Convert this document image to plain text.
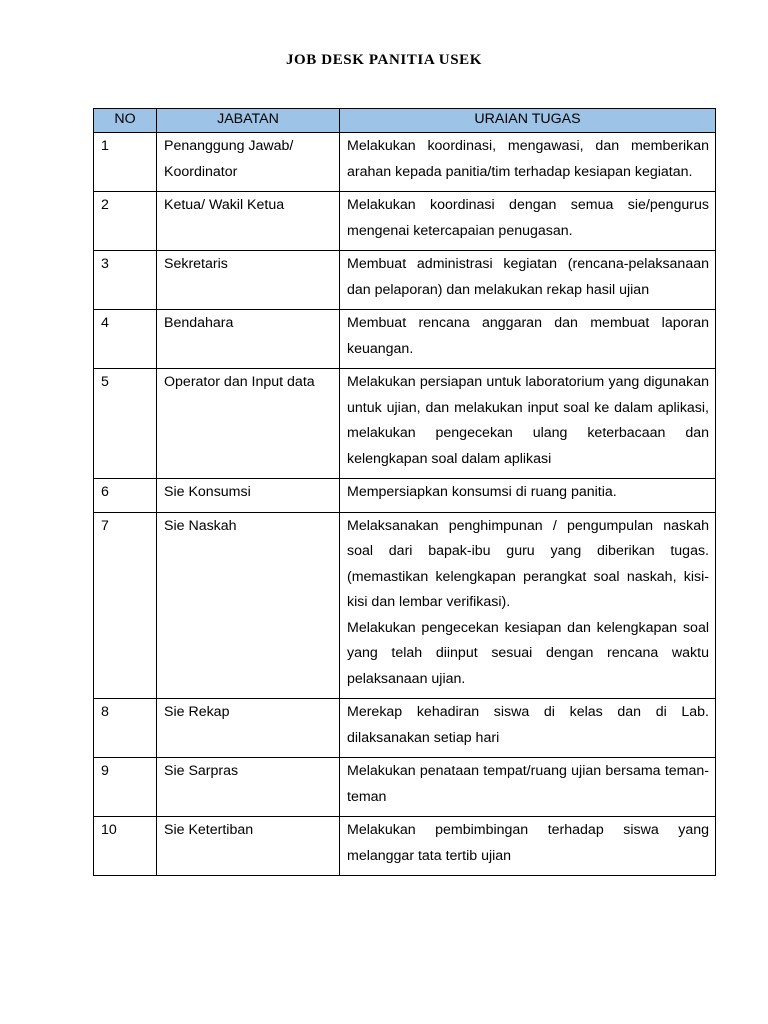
JOB DESK PANITIA USEK
NO	JABATAN	URAIAN TUGAS
1	Penanggung Jawab/ Koordinator	Melakukan koordinasi, mengawasi, dan memberikan arahan kepada panitia/tim terhadap kesiapan kegiatan.

2	Ketua/ Wakil Ketua	Melakukan koordinasi dengan semua sie/pengurus mengenai ketercapaian penugasan.

3	Sekretaris	Membuat administrasi kegiatan (rencana-pelaksanaan dan pelaporan) dan melakukan rekap hasil ujian

4	Bendahara	Membuat rencana anggaran dan membuat laporan keuangan.

5	Operator dan Input data	Melakukan persiapan untuk laboratorium yang digunakan untuk ujian, dan melakukan input soal ke dalam aplikasi, melakukan pengecekan ulang keterbacaan dan kelengkapan soal dalam aplikasi

6	Sie Konsumsi	Mempersiapkan konsumsi di ruang panitia.

7	Sie Naskah	Melaksanakan penghimpunan / pengumpulan naskah soal dari bapak-ibu guru yang diberikan tugas. (memastikan kelengkapan perangkat soal naskah, kisi-kisi dan lembar verifikasi).
Melakukan pengecekan kesiapan dan kelengkapan soal yang telah diinput sesuai dengan rencana waktu pelaksanaan ujian.

8	Sie Rekap	Merekap kehadiran siswa di kelas dan di Lab. dilaksanakan setiap hari

9	Sie Sarpras	Melakukan penataan tempat/ruang ujian bersama teman-teman

10	Sie Ketertiban	Melakukan pembimbingan terhadap siswa yang melanggar tata tertib ujian
